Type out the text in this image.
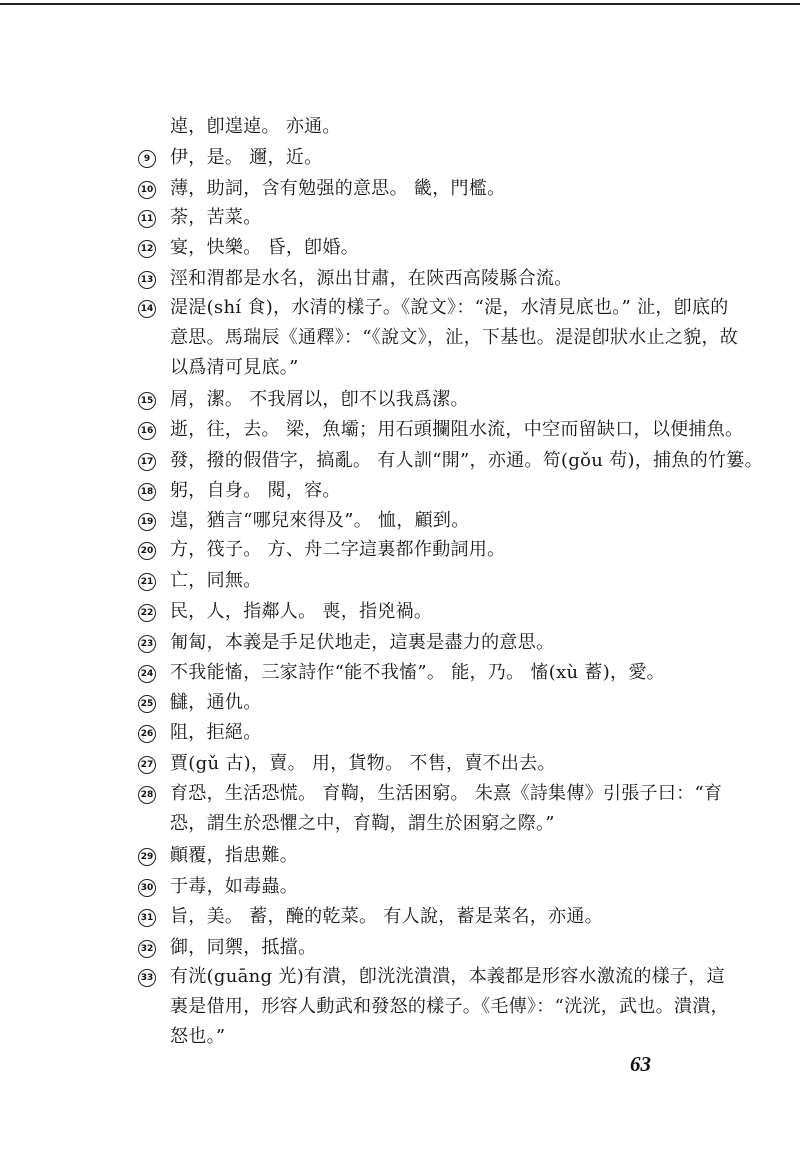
逴，卽遑逴。 亦通。
9	伊，是。 邇，近。
10 薄，助詞，含有勉强的意思。 畿，門檻。
11 荼，苦菜。
12 宴，快樂。 昏，卽婚。
13 涇和渭都是水名，源出甘肅，在陝西高陵縣合流。
14 湜湜(shí 食)，水清的樣子。《說文》：“湜，水清見底也。” 沚，卽底的
意思。馬瑞辰《通釋》：“《說文》，沚，下基也。湜湜卽狀水止之貌，故
以爲清可見底。”
15 屑，潔。 不我屑以，卽不以我爲潔。
16 逝，往，去。 梁，魚壩；用石頭攔阻水流，中空而留缺口，以便捕魚。
17 發，撥的假借字，搞亂。 有人訓“開”，亦通。笱(gǒu 苟)，捕魚的竹簍。
18 躬，自身。 閱，容。
19 遑，猶言“哪兒來得及”。 恤，顧到。
20 方，筏子。 方、舟二字這裏都作動詞用。
21 亡，同無。
22 民，人，指鄰人。 喪，指兇禍。
23 匍匐，本義是手足伏地走，這裏是盡力的意思。
24 不我能慉，三家詩作“能不我慉”。 能，乃。 慉(xù 蓄)，愛。
25 讎，通仇。
26 阻，拒絕。
27 賈(gǔ 古)，賣。 用，貨物。 不售，賣不出去。
28 育恐，生活恐慌。 育鞫，生活困窮。 朱熹《詩集傳》引張子曰：“育
恐，謂生於恐懼之中，育鞫，謂生於困窮之際。”
29 顚覆，指患難。
30 于毒，如毒蟲。
31 旨，美。 蓄，醃的乾菜。 有人說，蓄是菜名，亦通。
32 御，同禦，抵擋。
33 有洸(guāng 光)有潰，卽洸洸潰潰，本義都是形容水激流的樣子，這
裏是借用，形容人動武和發怒的樣子。《毛傳》：“洸洸，武也。潰潰，
怒也。”
63
